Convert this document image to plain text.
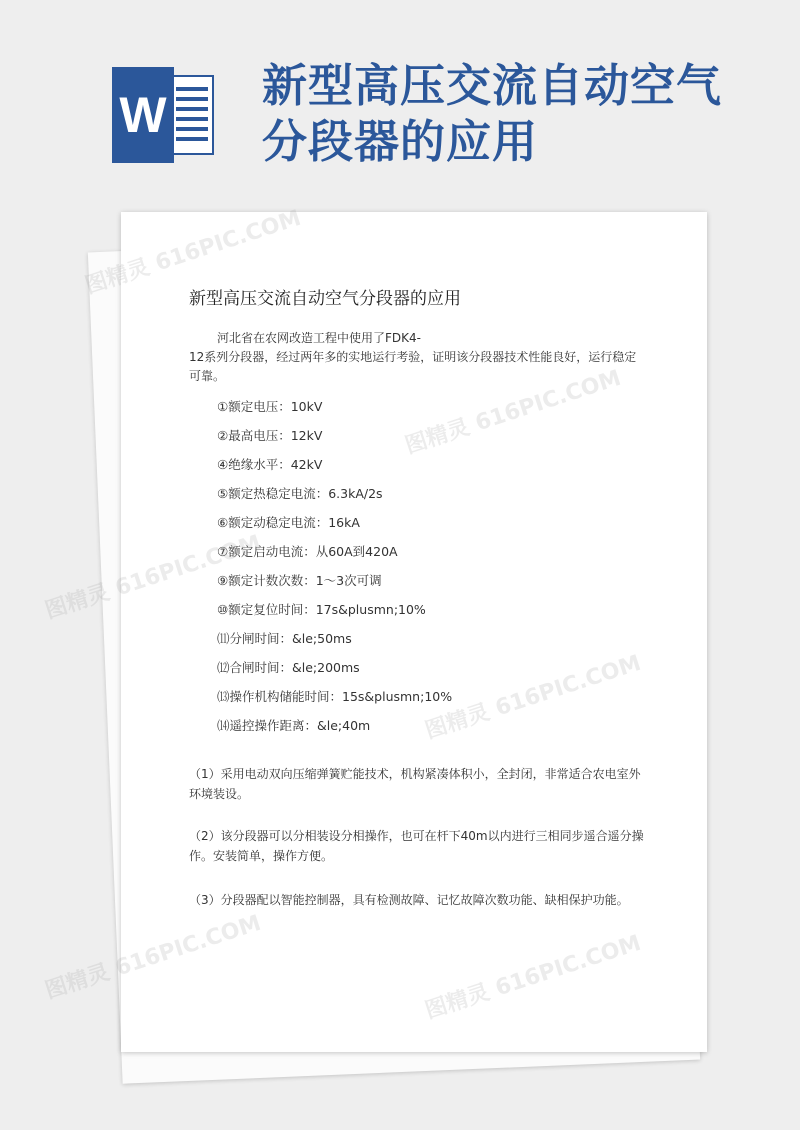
W
新型高压交流自动空气分段器的应用
新型高压交流自动空气分段器的应用
河北省在农网改造工程中使用了FDK4-
12系列分段器，经过两年多的实地运行考验，证明该分段器技术性能良好，运行稳定可靠。
①额定电压：10kV
②最高电压：12kV
④绝缘水平：42kV
⑤额定热稳定电流：6.3kA/2s
⑥额定动稳定电流：16kA
⑦额定启动电流：从60A到420A
⑨额定计数次数：1～3次可调
⑩额定复位时间：17s&plusmn;10%
⑾分闸时间：&le;50ms
⑿合闸时间：&le;200ms
⒀操作机构储能时间：15s&plusmn;10%
⒁遥控操作距离：&le;40m
（1）采用电动双向压缩弹簧贮能技术，机构紧凑体积小，全封闭，非常适合农电室外环境装设。
（2）该分段器可以分相装设分相操作，也可在杆下40m以内进行三相同步遥合遥分操作。安装简单，操作方便。
（3）分段器配以智能控制器，具有检测故障、记忆故障次数功能、缺相保护功能。
图精灵
图精灵
